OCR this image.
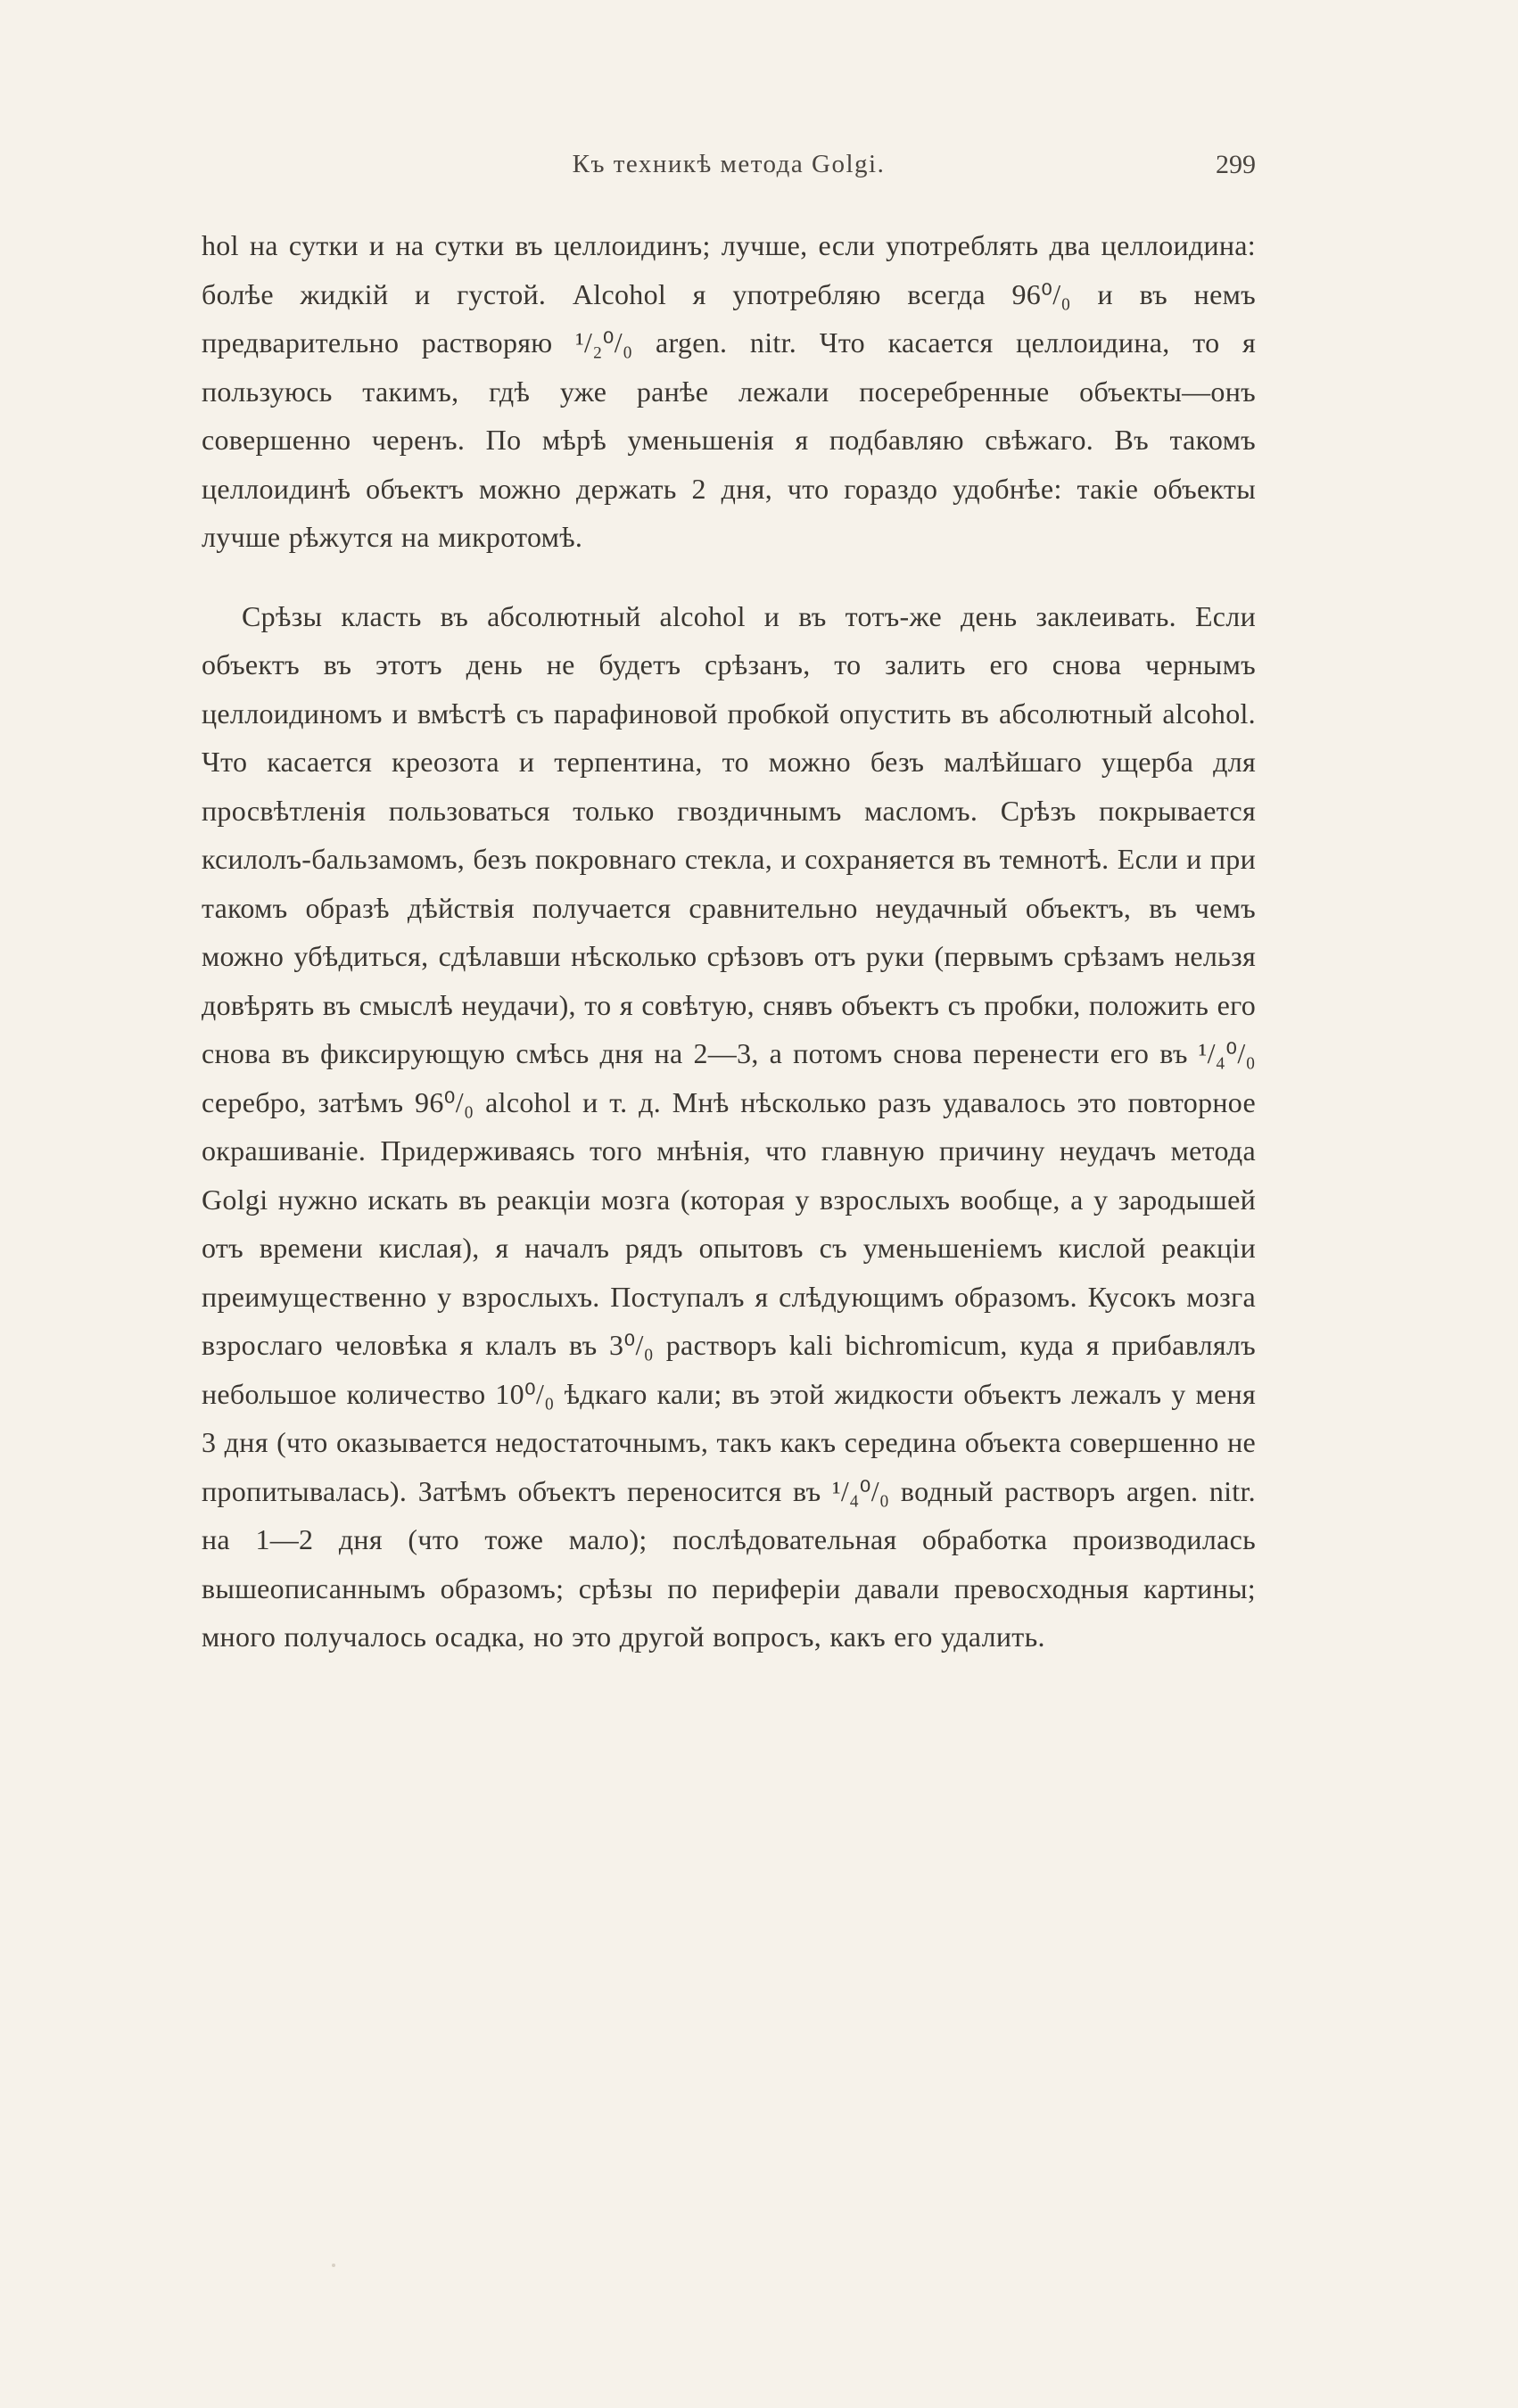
Къ техникѣ метода Golgi.	299

hol на сутки и на сутки въ целлоидинъ; лучше, если употреблять два целлоидина: болѣе жидкій и густой. Alcohol я употребляю всегда 96⁰/₀ и въ немъ предварительно растворяю ¹/₂⁰/₀ argen. nitr. Что касается целлоидина, то я пользуюсь такимъ, гдѣ уже ранѣе лежали посеребренные объекты—онъ совершенно черенъ. По мѣрѣ уменьшенія я подбавляю свѣжаго. Въ такомъ целлоидинѣ объектъ можно держать 2 дня, что гораздо удобнѣе: такіе объекты лучше рѣжутся на микротомѣ.

Срѣзы класть въ абсолютный alcohol и въ тотъ-же день заклеивать. Если объектъ въ этотъ день не будетъ срѣзанъ, то залить его снова чернымъ целлоидиномъ и вмѣстѣ съ парафиновой пробкой опустить въ абсолютный alcohol. Что касается креозота и терпентина, то можно безъ малѣйшаго ущерба для просвѣтленія пользоваться только гвоздичнымъ масломъ. Срѣзъ покрывается ксилолъ-бальзамомъ, безъ покровнаго стекла, и сохраняется въ темнотѣ. Если и при такомъ образѣ дѣйствія получается сравнительно неудачный объектъ, въ чемъ можно убѣдиться, сдѣлавши нѣсколько срѣзовъ отъ руки (первымъ срѣзамъ нельзя довѣрять въ смыслѣ неудачи), то я совѣтую, снявъ объектъ съ пробки, положить его снова въ фиксирующую смѣсь дня на 2—3, а потомъ снова перенести его въ ¹/₄⁰/₀ серебро, затѣмъ 96⁰/₀ alcohol и т. д. Мнѣ нѣсколько разъ удавалось это повторное окрашиваніе. Придерживаясь того мнѣнія, что главную причину неудачъ метода Golgi нужно искать въ реакціи мозга (которая у взрослыхъ вообще, а у зародышей отъ времени кислая), я началъ рядъ опытовъ съ уменьшеніемъ кислой реакціи преимущественно у взрослыхъ. Поступалъ я слѣдующимъ образомъ. Кусокъ мозга взрослаго человѣка я клалъ въ 3⁰/₀ растворъ kali bichromicum, куда я прибавлялъ небольшое количество 10⁰/₀ ѣдкаго кали; въ этой жидкости объектъ лежалъ у меня 3 дня (что оказывается недостаточнымъ, такъ какъ середина объекта совершенно не пропитывалась). Затѣмъ объектъ переносится въ ¹/₄⁰/₀ водный растворъ argen. nitr. на 1—2 дня (что тоже мало); послѣдовательная обработка производилась вышеописаннымъ образомъ; срѣзы по периферіи давали превосходныя картины; много получалось осадка, но это другой вопросъ, какъ его удалить.
